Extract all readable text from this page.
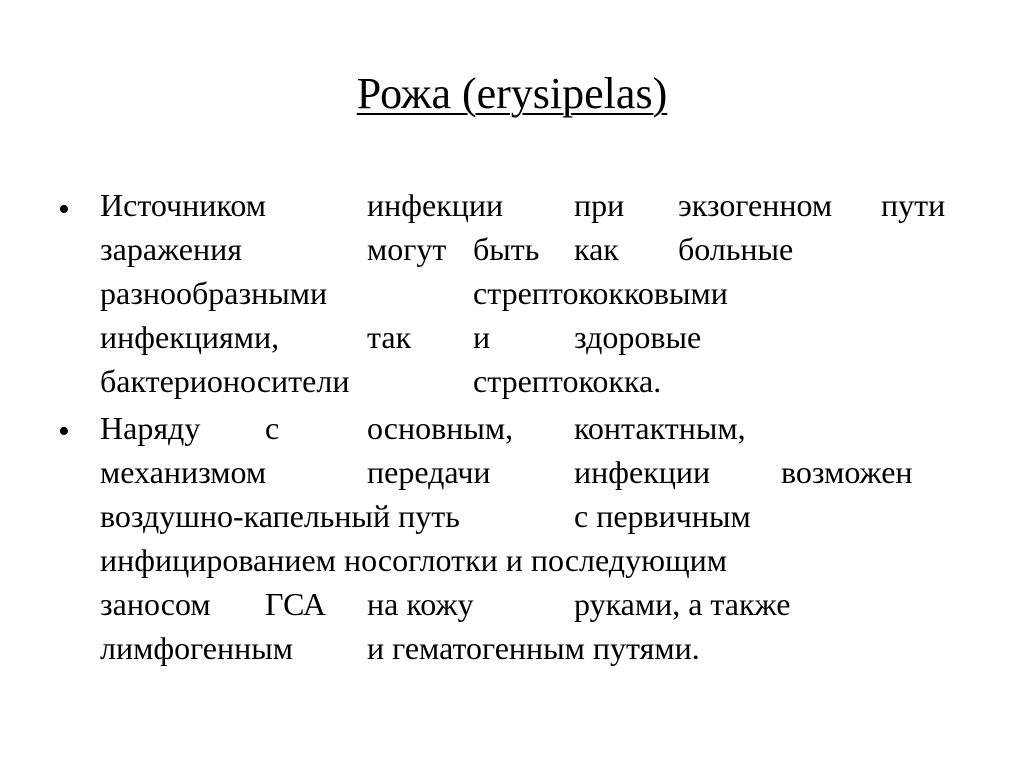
Рожа (erysipelas)
• Источником	инфекции при экзогенном пути
заражения	могут быть как больные
разнообразными	стрептококковыми
инфекциями,	так и	здоровые
бактерионосители	стрептококка.
• Наряду с	основным, контактным,
механизмом	передачи	инфекции возможен
воздушно-капельный путь	с первичным
инфицированием носоглотки и последующим
заносом ГСА на кожу	руками, а также
лимфогенным и гематогенным путями.
